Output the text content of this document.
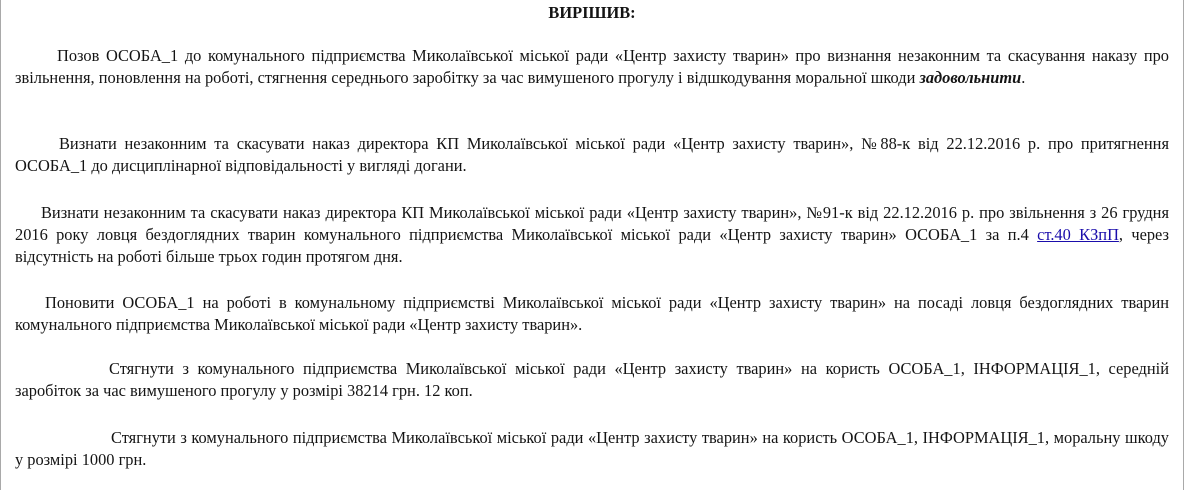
ВИРІШИВ:

Позов ОСОБА_1 до комунального підприємства Миколаївської міської ради «Центр захисту тварин» про визнання незаконним та скасування наказу про звільнення, поновлення на роботі, стягнення середнього заробітку за час вимушеного прогулу і відшкодування моральної шкоди задовольнити.

Визнати незаконним та скасувати наказ директора КП Миколаївської міської ради «Центр захисту тварин», №88-к від 22.12.2016 р. про притягнення ОСОБА_1 до дисциплінарної відповідальності у вигляді догани.

Визнати незаконним та скасувати наказ директора КП Миколаївської міської ради «Центр захисту тварин», №91-к від 22.12.2016 р. про звільнення з 26 грудня 2016 року ловця бездоглядних тварин комунального підприємства Миколаївської міської ради «Центр захисту тварин» ОСОБА_1 за п.4 ст.40 КЗпП, через відсутність на роботі більше трьох годин протягом дня.

Поновити ОСОБА_1 на роботі в комунальному підприємстві Миколаївської міської ради «Центр захисту тварин» на посаді ловця бездоглядних тварин комунального підприємства Миколаївської міської ради «Центр захисту тварин».

Стягнути з комунального підприємства Миколаївської міської ради «Центр захисту тварин» на користь ОСОБА_1, ІНФОРМАЦІЯ_1, середній заробіток за час вимушеного прогулу у розмірі 38214 грн. 12 коп.

Стягнути з комунального підприємства Миколаївської міської ради «Центр захисту тварин» на користь ОСОБА_1, ІНФОРМАЦІЯ_1, моральну шкоду у розмірі 1000 грн.
